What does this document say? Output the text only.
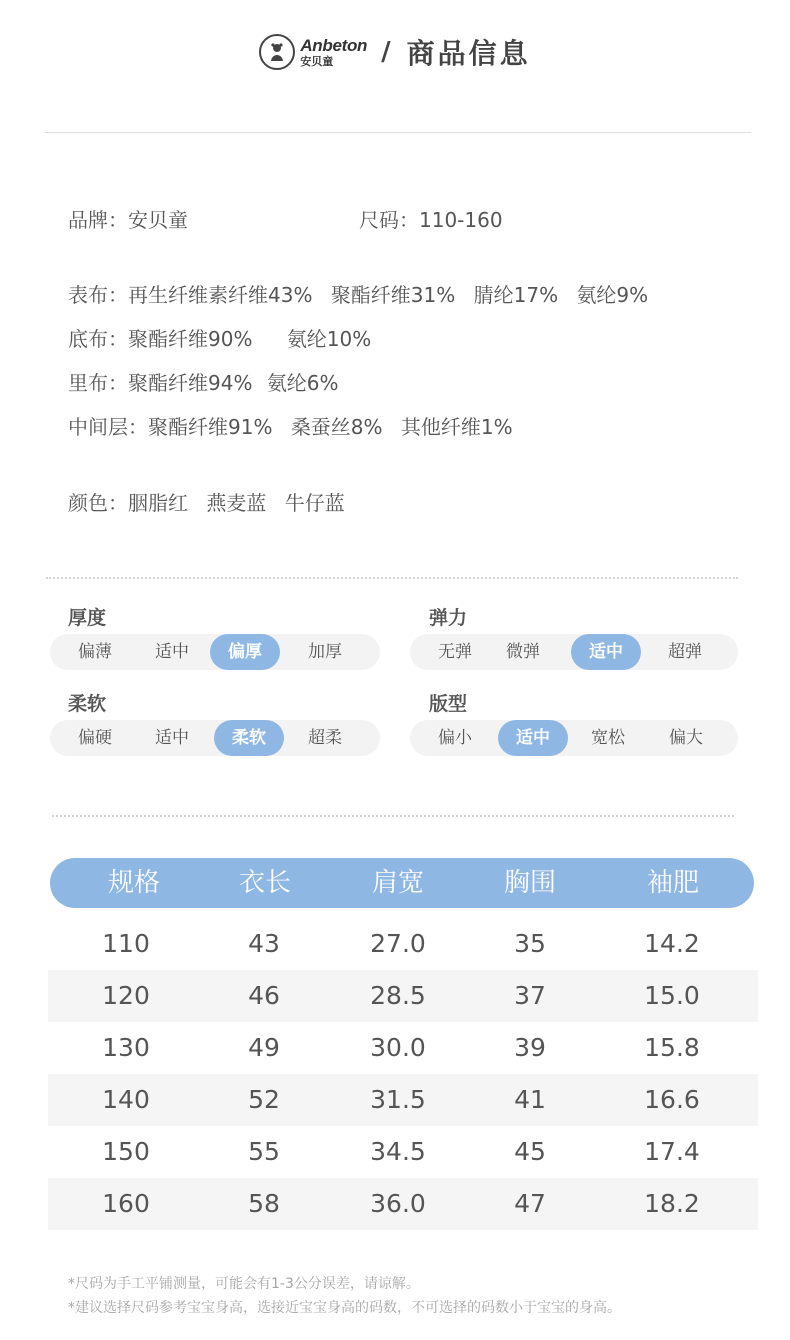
Anbeton
安贝童	/ 商品信息
品牌：安贝童	尺码：110-160
表布：再生纤维素纤维43% 聚酯纤维31% 腈纶17% 氨纶9%
底布：聚酯纤维90% 氨纶10%
里布：聚酯纤维94% 氨纶6%
中间层：聚酯纤维91% 桑蚕丝8% 其他纤维1%
颜色：胭脂红 燕麦蓝 牛仔蓝
厚度
偏薄	适中	偏厚	加厚
弹力
无弹	微弹	适中	超弹
柔软
偏硬	适中	柔软	超柔
版型
偏小	适中	宽松	偏大
规格	衣长	肩宽	胸围	袖肥
110	43	27.0	35	14.2
120	46	28.5	37	15.0
130	49	30.0	39	15.8
140	52	31.5	41	16.6
150	55	34.5	45	17.4
160	58	36.0	47	18.2
*尺码为手工平铺测量，可能会有1-3公分误差，请谅解。
*建议选择尺码参考宝宝身高，选接近宝宝身高的码数，不可选择的码数小于宝宝的身高。
